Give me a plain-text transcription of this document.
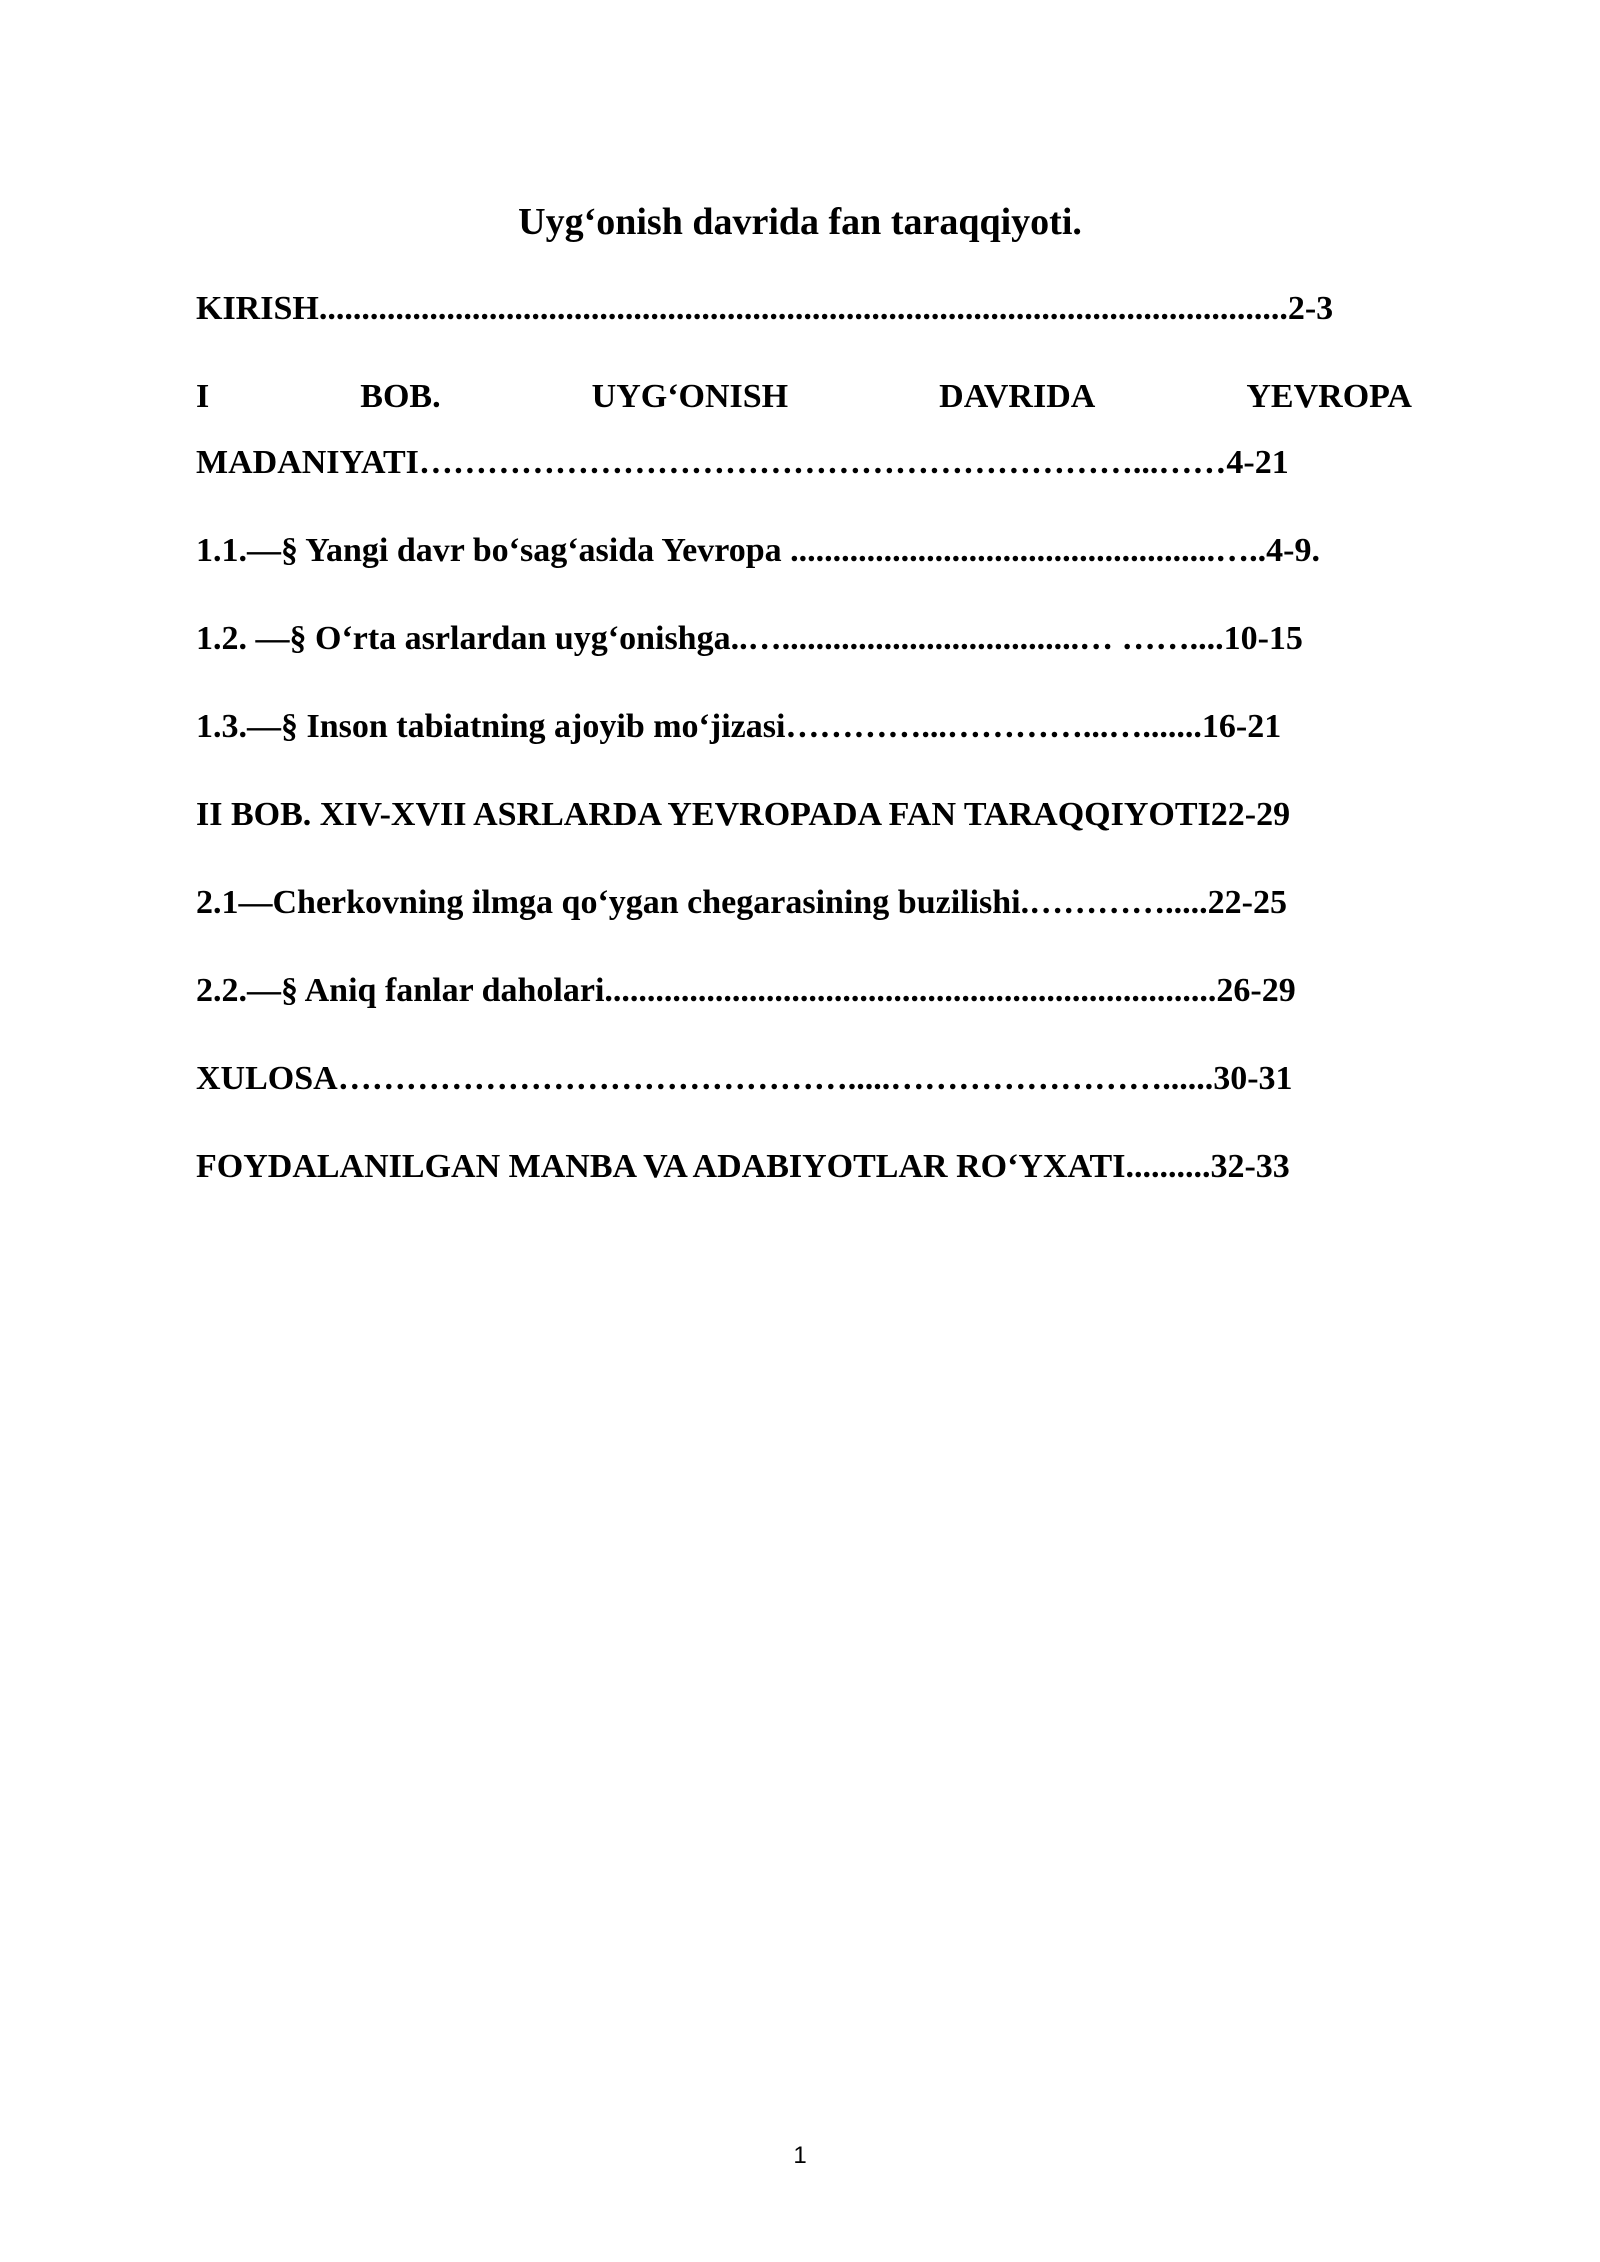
Uyg‘onish davrida fan taraqqiyoti.
KIRISH..................................................................................................................2-3
I	BOB.	UYG‘ONISH	DAVRIDA	YEVROPA
MADANIYATI………………………………………………………...……4-21
1.1.—§ Yangi davr bo‘sag‘asida Yevropa ..................................................…..4-9.
1.2. —§ O‘rta asrlardan uyg‘onishga..…...................................… ……....10-15
1.3.—§ Inson tabiatning ajoyib mo‘jizasi…………...…………...….......16-21
II BOB. XIV-XVII ASRLARDA YEVROPADA FAN TARAQQIYOTI22-29
2.1—Cherkovning ilmga qo‘ygan chegarasining buzilishi.………….....22-25
2.2.—§ Aniq fanlar daholari........................................................................26-29
XULOSA……………………………………….....……………………......30-31
FOYDALANILGAN MANBA VA ADABIYOTLAR RO‘YXATI..........32-33
1
